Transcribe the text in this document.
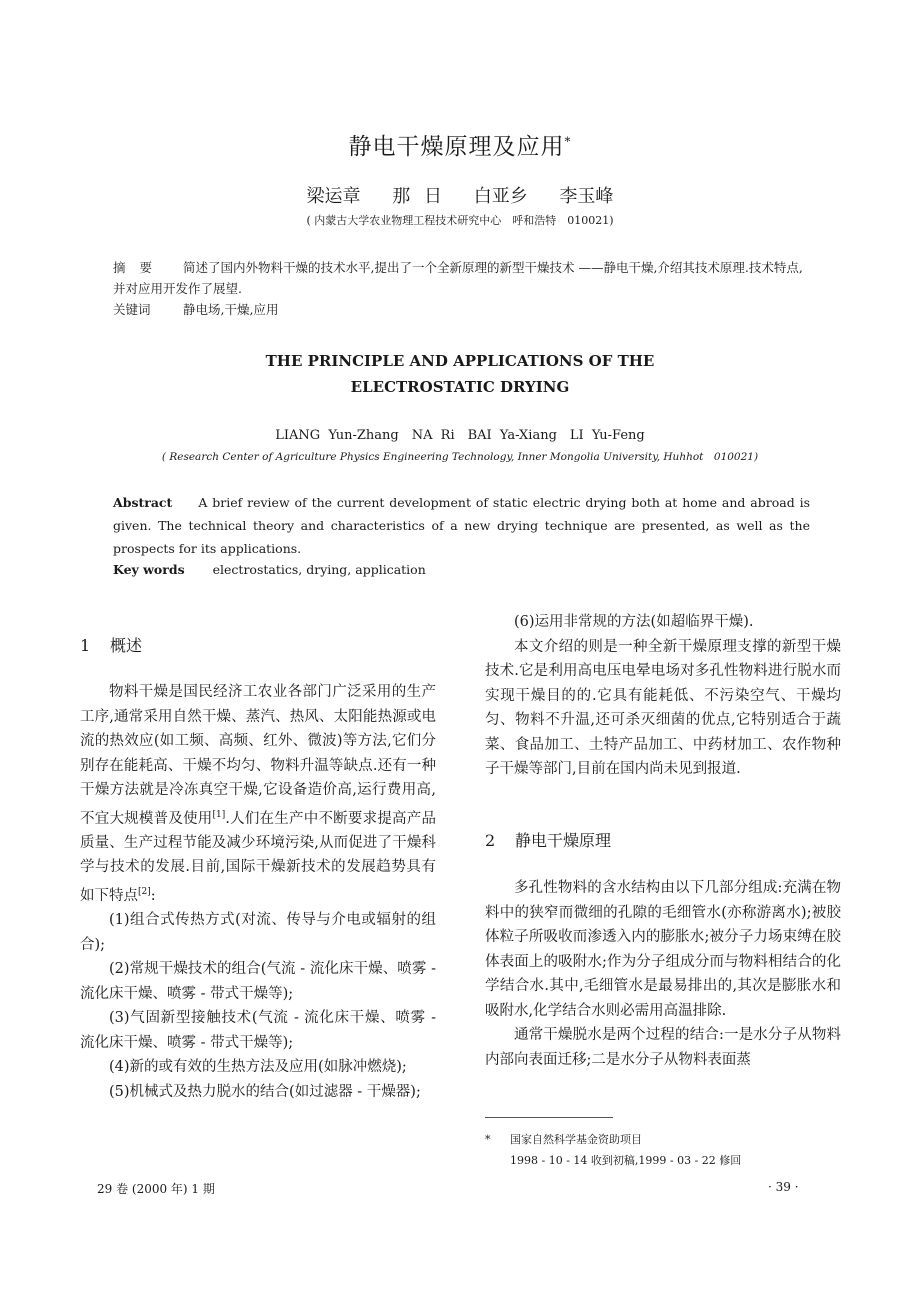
静电干燥原理及应用*
梁运章　 那 日　 白亚乡　 李玉峰
( 内蒙古大学农业物理工程技术研究中心　呼和浩特　010021)
摘要 简述了国内外物料干燥的技术水平,提出了一个全新原理的新型干燥技术 ——静电干燥,介绍其技术原理.技术特点,并对应用开发作了展望.
关键词	静电场,干燥,应用
THE PRINCIPLE AND APPLICATIONS OF THE
ELECTROSTATIC DRYING
LIANG Yun-Zhang　NA Ri　BAI Ya-Xiang　LI Yu-Feng
( Research Center of Agriculture Physics Engineering Technology, Inner Mongolia University, Huhhot　010021)
Abstract A brief review of the current development of static electric drying both at home and abroad is given. The technical theory and characteristics of a new drying technique are presented, as well as the prospects for its applications.
Key words electrostatics, drying, application
1 概述

物料干燥是国民经济工农业各部门广泛采用的生产工序,通常采用自然干燥、蒸汽、热风、太阳能热源或电流的热效应(如工频、高频、红外、微波)等方法,它们分别存在能耗高、干燥不均匀、物料升温等缺点.还有一种干燥方法就是冷冻真空干燥,它设备造价高,运行费用高,不宜大规模普及使用[1].人们在生产中不断要求提高产品质量、生产过程节能及减少环境污染,从而促进了干燥科学与技术的发展.目前,国际干燥新技术的发展趋势具有如下特点[2]:

(1)组合式传热方式(对流、传导与介电或辐射的组合);

(2)常规干燥技术的组合(气流 - 流化床干燥、喷雾 - 流化床干燥、喷雾 - 带式干燥等);

(3)气固新型接触技术(气流 - 流化床干燥、喷雾 - 流化床干燥、喷雾 - 带式干燥等);

(4)新的或有效的生热方法及应用(如脉冲燃烧);

(5)机械式及热力脱水的结合(如过滤器 - 干燥器);

(6)运用非常规的方法(如超临界干燥).

本文介绍的则是一种全新干燥原理支撑的新型干燥技术.它是利用高电压电晕电场对多孔性物料进行脱水而实现干燥目的的.它具有能耗低、不污染空气、干燥均匀、物料不升温,还可杀灭细菌的优点,它特别适合于蔬菜、食品加工、土特产品加工、中药材加工、农作物种子干燥等部门,目前在国内尚未见到报道.

2 静电干燥原理

多孔性物料的含水结构由以下几部分组成:充满在物料中的狭窄而微细的孔隙的毛细管水(亦称游离水);被胶体粒子所吸收而渗透入内的膨胀水;被分子力场束缚在胶体表面上的吸附水;作为分子组成分而与物料相结合的化学结合水.其中,毛细管水是最易排出的,其次是膨胀水和吸附水,化学结合水则必需用高温排除.

通常干燥脱水是两个过程的结合:一是水分子从物料内部向表面迁移;二是水分子从物料表面蒸

* 国家自然科学基金资助项目
1998 - 10 - 14 收到初稿,1999 - 03 - 22 修回
29 卷 (2000 年) 1 期	· 39 ·
